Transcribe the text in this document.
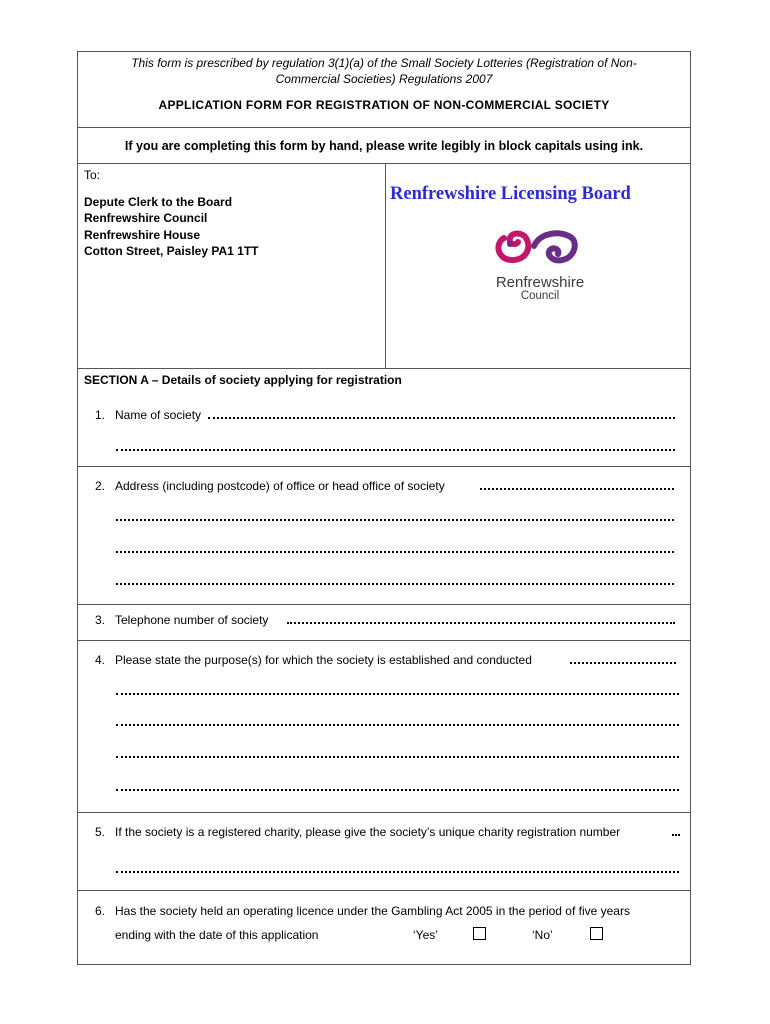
This form is prescribed by regulation 3(1)(a) of the Small Society Lotteries (Registration of Non-
Commercial Societies) Regulations 2007
APPLICATION FORM FOR REGISTRATION OF NON-COMMERCIAL SOCIETY
If you are completing this form by hand, please write legibly in block capitals using ink.
To:
Depute Clerk to the Board
Renfrewshire Council
Renfrewshire House
Cotton Street, Paisley PA1 1TT
Renfrewshire Licensing Board
Renfrewshire
Council
SECTION A – Details of society applying for registration
1. Name of society
2. Address (including postcode) of office or head office of society
3. Telephone number of society
4. Please state the purpose(s) for which the society is established and conducted
5. If the society is a registered charity, please give the society’s unique charity registration number
6. Has the society held an operating licence under the Gambling Act 2005 in the period of five years
ending with the date of this application	‘Yes’	‘No’
